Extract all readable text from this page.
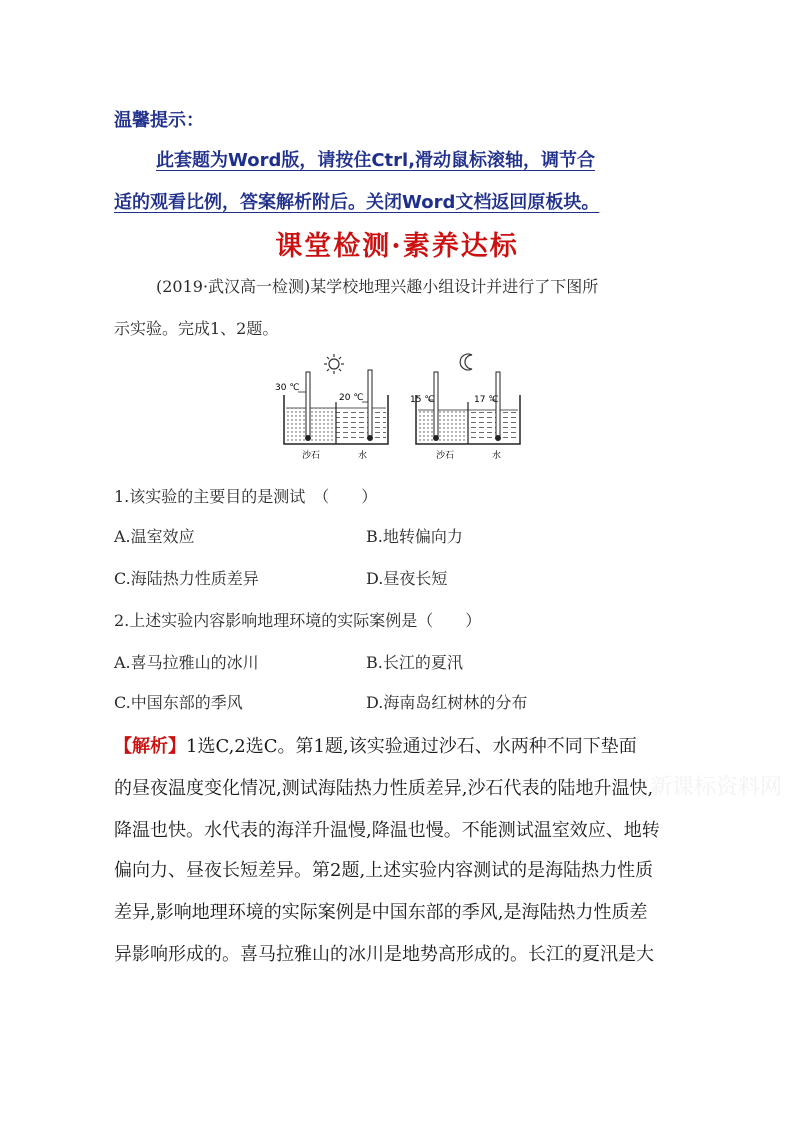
温馨提示：
此套题为Word版，请按住Ctrl,滑动鼠标滚轴，调节合
适的观看比例，答案解析附后。关闭Word文档返回原板块。
课堂检测·素养达标
(2019·武汉高一检测)某学校地理兴趣小组设计并进行了下图所
示实验。完成1、2题。
30 ℃
20 ℃
沙石	水
15 ℃	17 ℃
沙石	水
1.该实验的主要目的是测试　（　　）
A.温室效应	B.地转偏向力
C.海陆热力性质差异	D.昼夜长短
2.上述实验内容影响地理环境的实际案例是（　　）
A.喜马拉雅山的冰川	B.长江的夏汛
C.中国东部的季风	D.海南岛红树林的分布
【解析】1选C,2选C。第1题,该实验通过沙石、水两种不同下垫面
的昼夜温度变化情况,测试海陆热力性质差异,沙石代表的陆地升温快,
降温也快。水代表的海洋升温慢,降温也慢。不能测试温室效应、地转
偏向力、昼夜长短差异。第2题,上述实验内容测试的是海陆热力性质
差异,影响地理环境的实际案例是中国东部的季风,是海陆热力性质差
异影响形成的。喜马拉雅山的冰川是地势高形成的。长江的夏汛是大
新课标资料网
